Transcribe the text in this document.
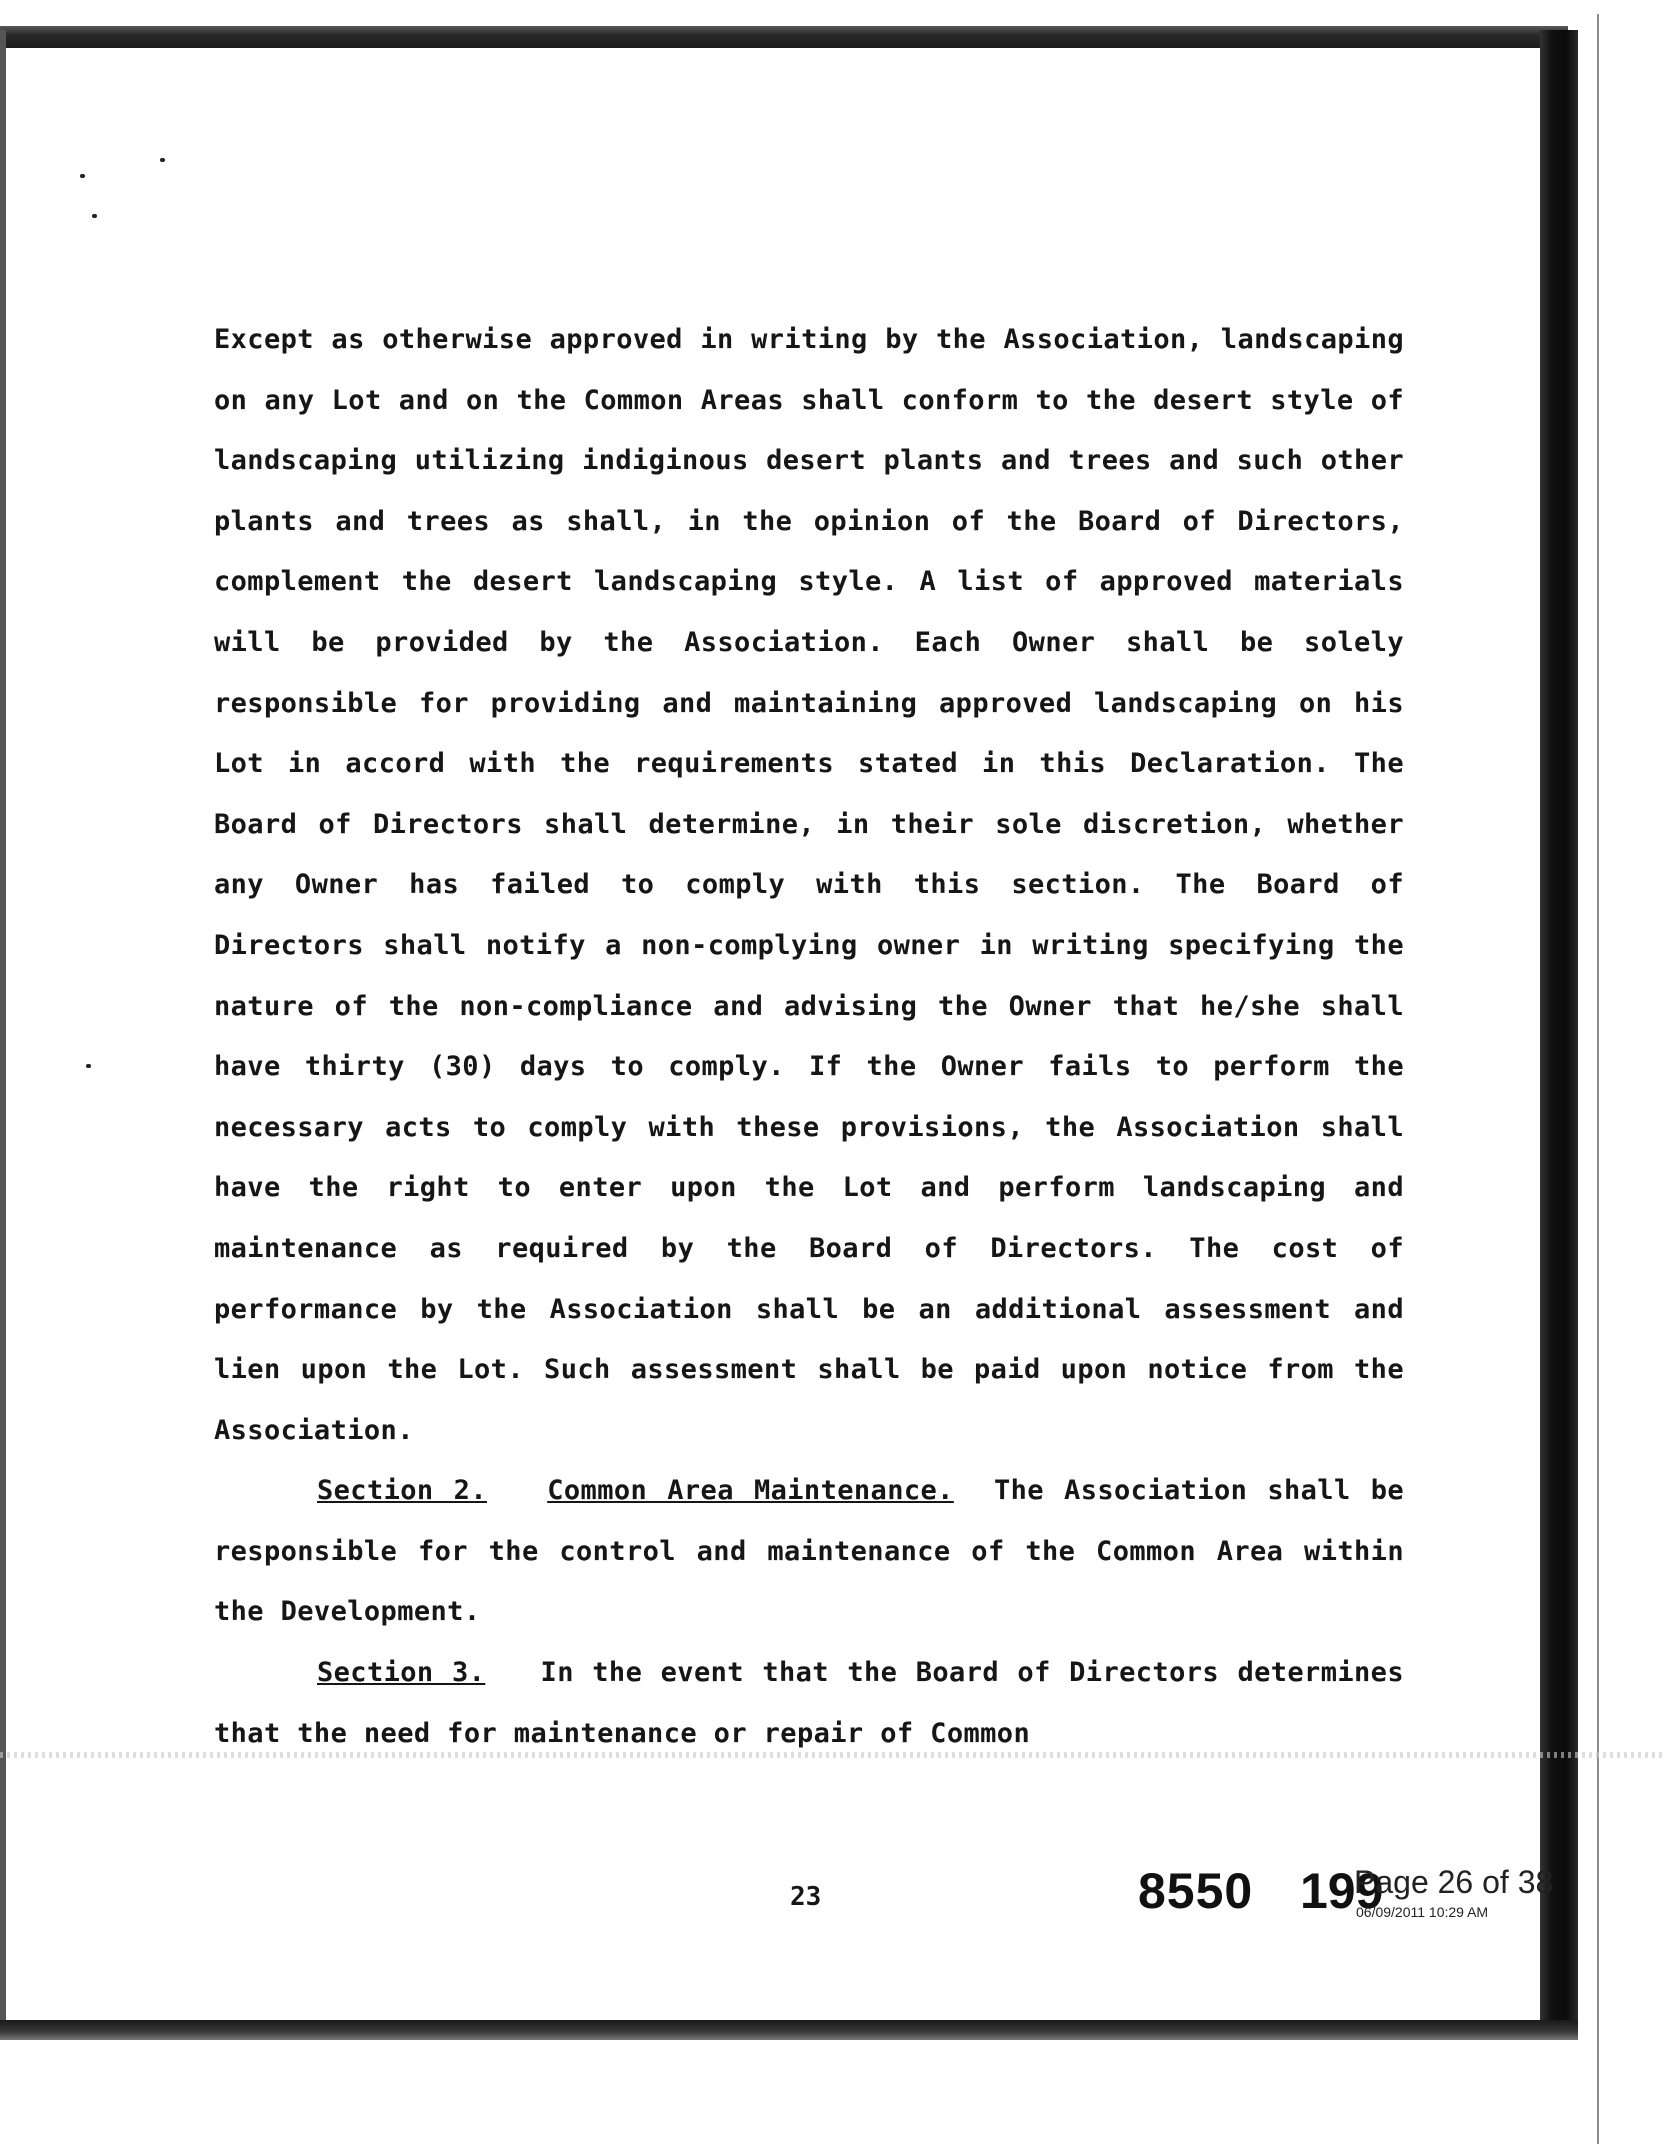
Except as otherwise approved in writing by the Association, landscaping on any Lot and on the Common Areas shall conform to the desert style of landscaping utilizing indiginous desert plants and trees and such other plants and trees as shall, in the opinion of the Board of Directors, complement the desert landscaping style. A list of approved materials will be provided by the Association. Each Owner shall be solely responsible for providing and maintaining approved landscaping on his Lot in accord with the requirements stated in this Declaration. The Board of Directors shall determine, in their sole discretion, whether any Owner has failed to comply with this section. The Board of Directors shall notify a non-complying owner in writing specifying the nature of the non-compliance and advising the Owner that he/she shall have thirty (30) days to comply. If the Owner fails to perform the necessary acts to comply with these provisions, the Association shall have the right to enter upon the Lot and perform landscaping and maintenance as required by the Board of Directors. The cost of performance by the Association shall be an additional assessment and lien upon the Lot. Such assessment shall be paid upon notice from the Association.

Section 2. Common Area Maintenance. The Association shall be responsible for the control and maintenance of the Common Area within the Development.

Section 3. In the event that the Board of Directors determines that the need for maintenance or repair of Common

23	8550 199
Page 26 of 38
06/09/2011 10:29 AM
